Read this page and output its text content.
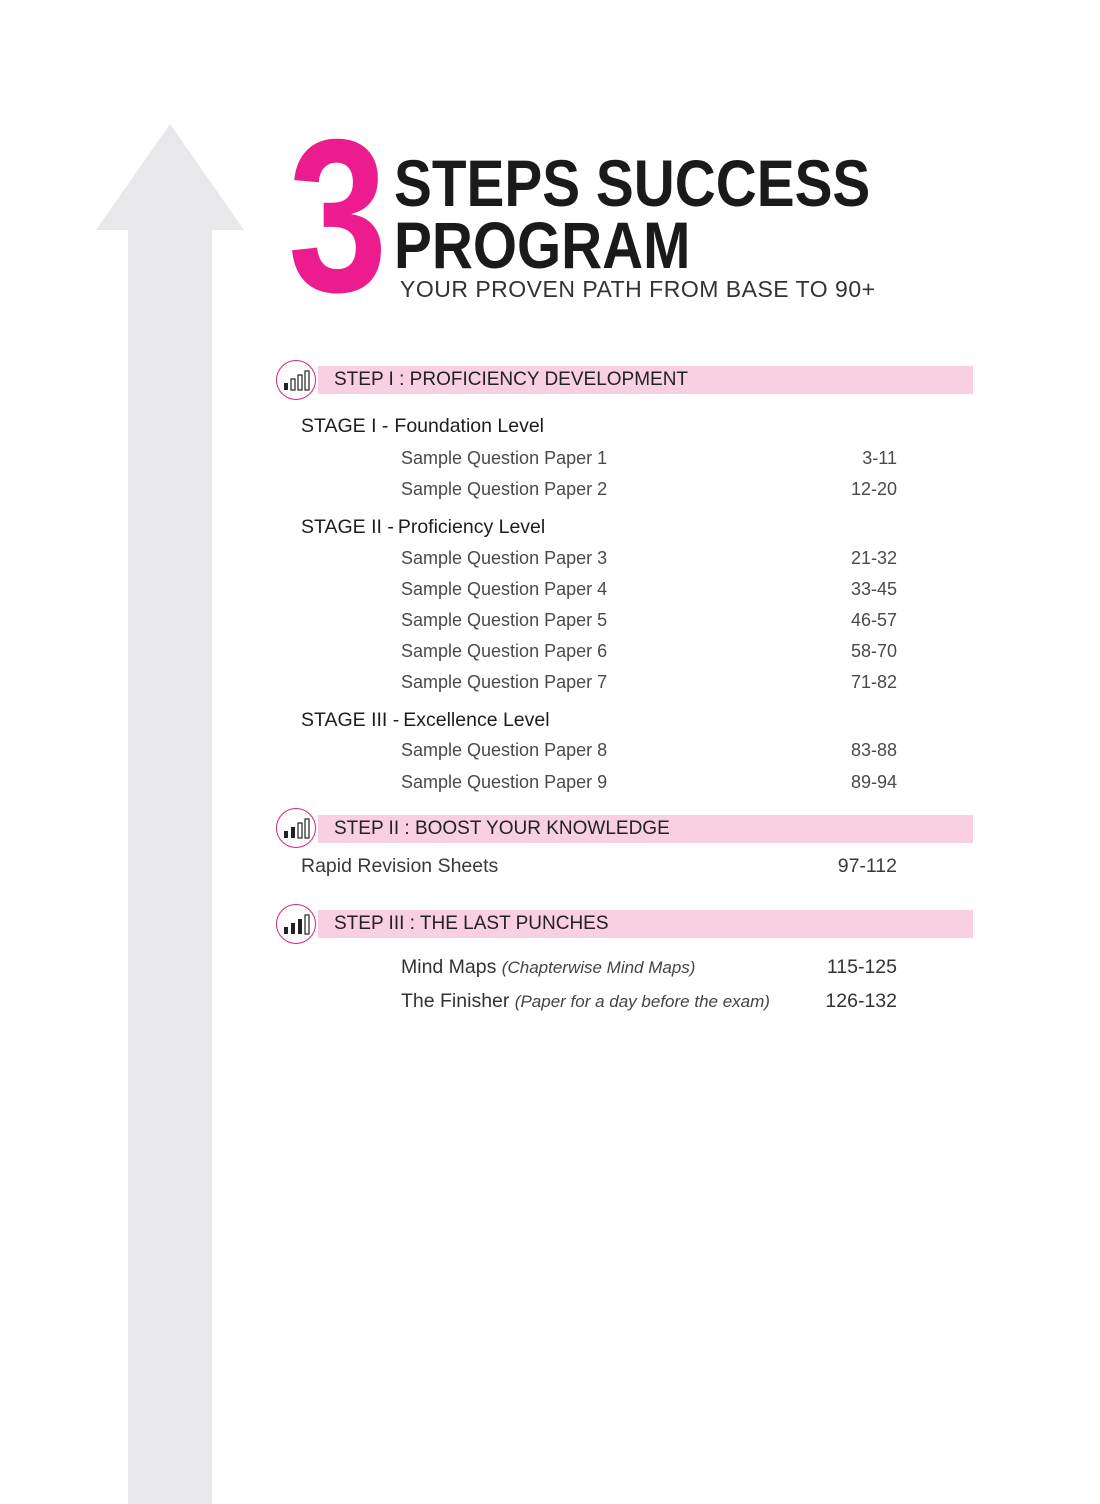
3 STEPS SUCCESS
PROGRAM
YOUR PROVEN PATH FROM BASE TO 90+
STEP I : PROFICIENCY DEVELOPMENT
STAGE I - Foundation Level
Sample Question Paper 1	3-11
Sample Question Paper 2	12-20
STAGE II - Proficiency Level
Sample Question Paper 3	21-32
Sample Question Paper 4	33-45
Sample Question Paper 5	46-57
Sample Question Paper 6	58-70
Sample Question Paper 7	71-82
STAGE III - Excellence Level
Sample Question Paper 8	83-88
Sample Question Paper 9	89-94
STEP II : BOOST YOUR KNOWLEDGE
Rapid Revision Sheets	97-112
STEP III : THE LAST PUNCHES
Mind Maps (Chapterwise Mind Maps)	115-125
The Finisher (Paper for a day before the exam)	126-132
